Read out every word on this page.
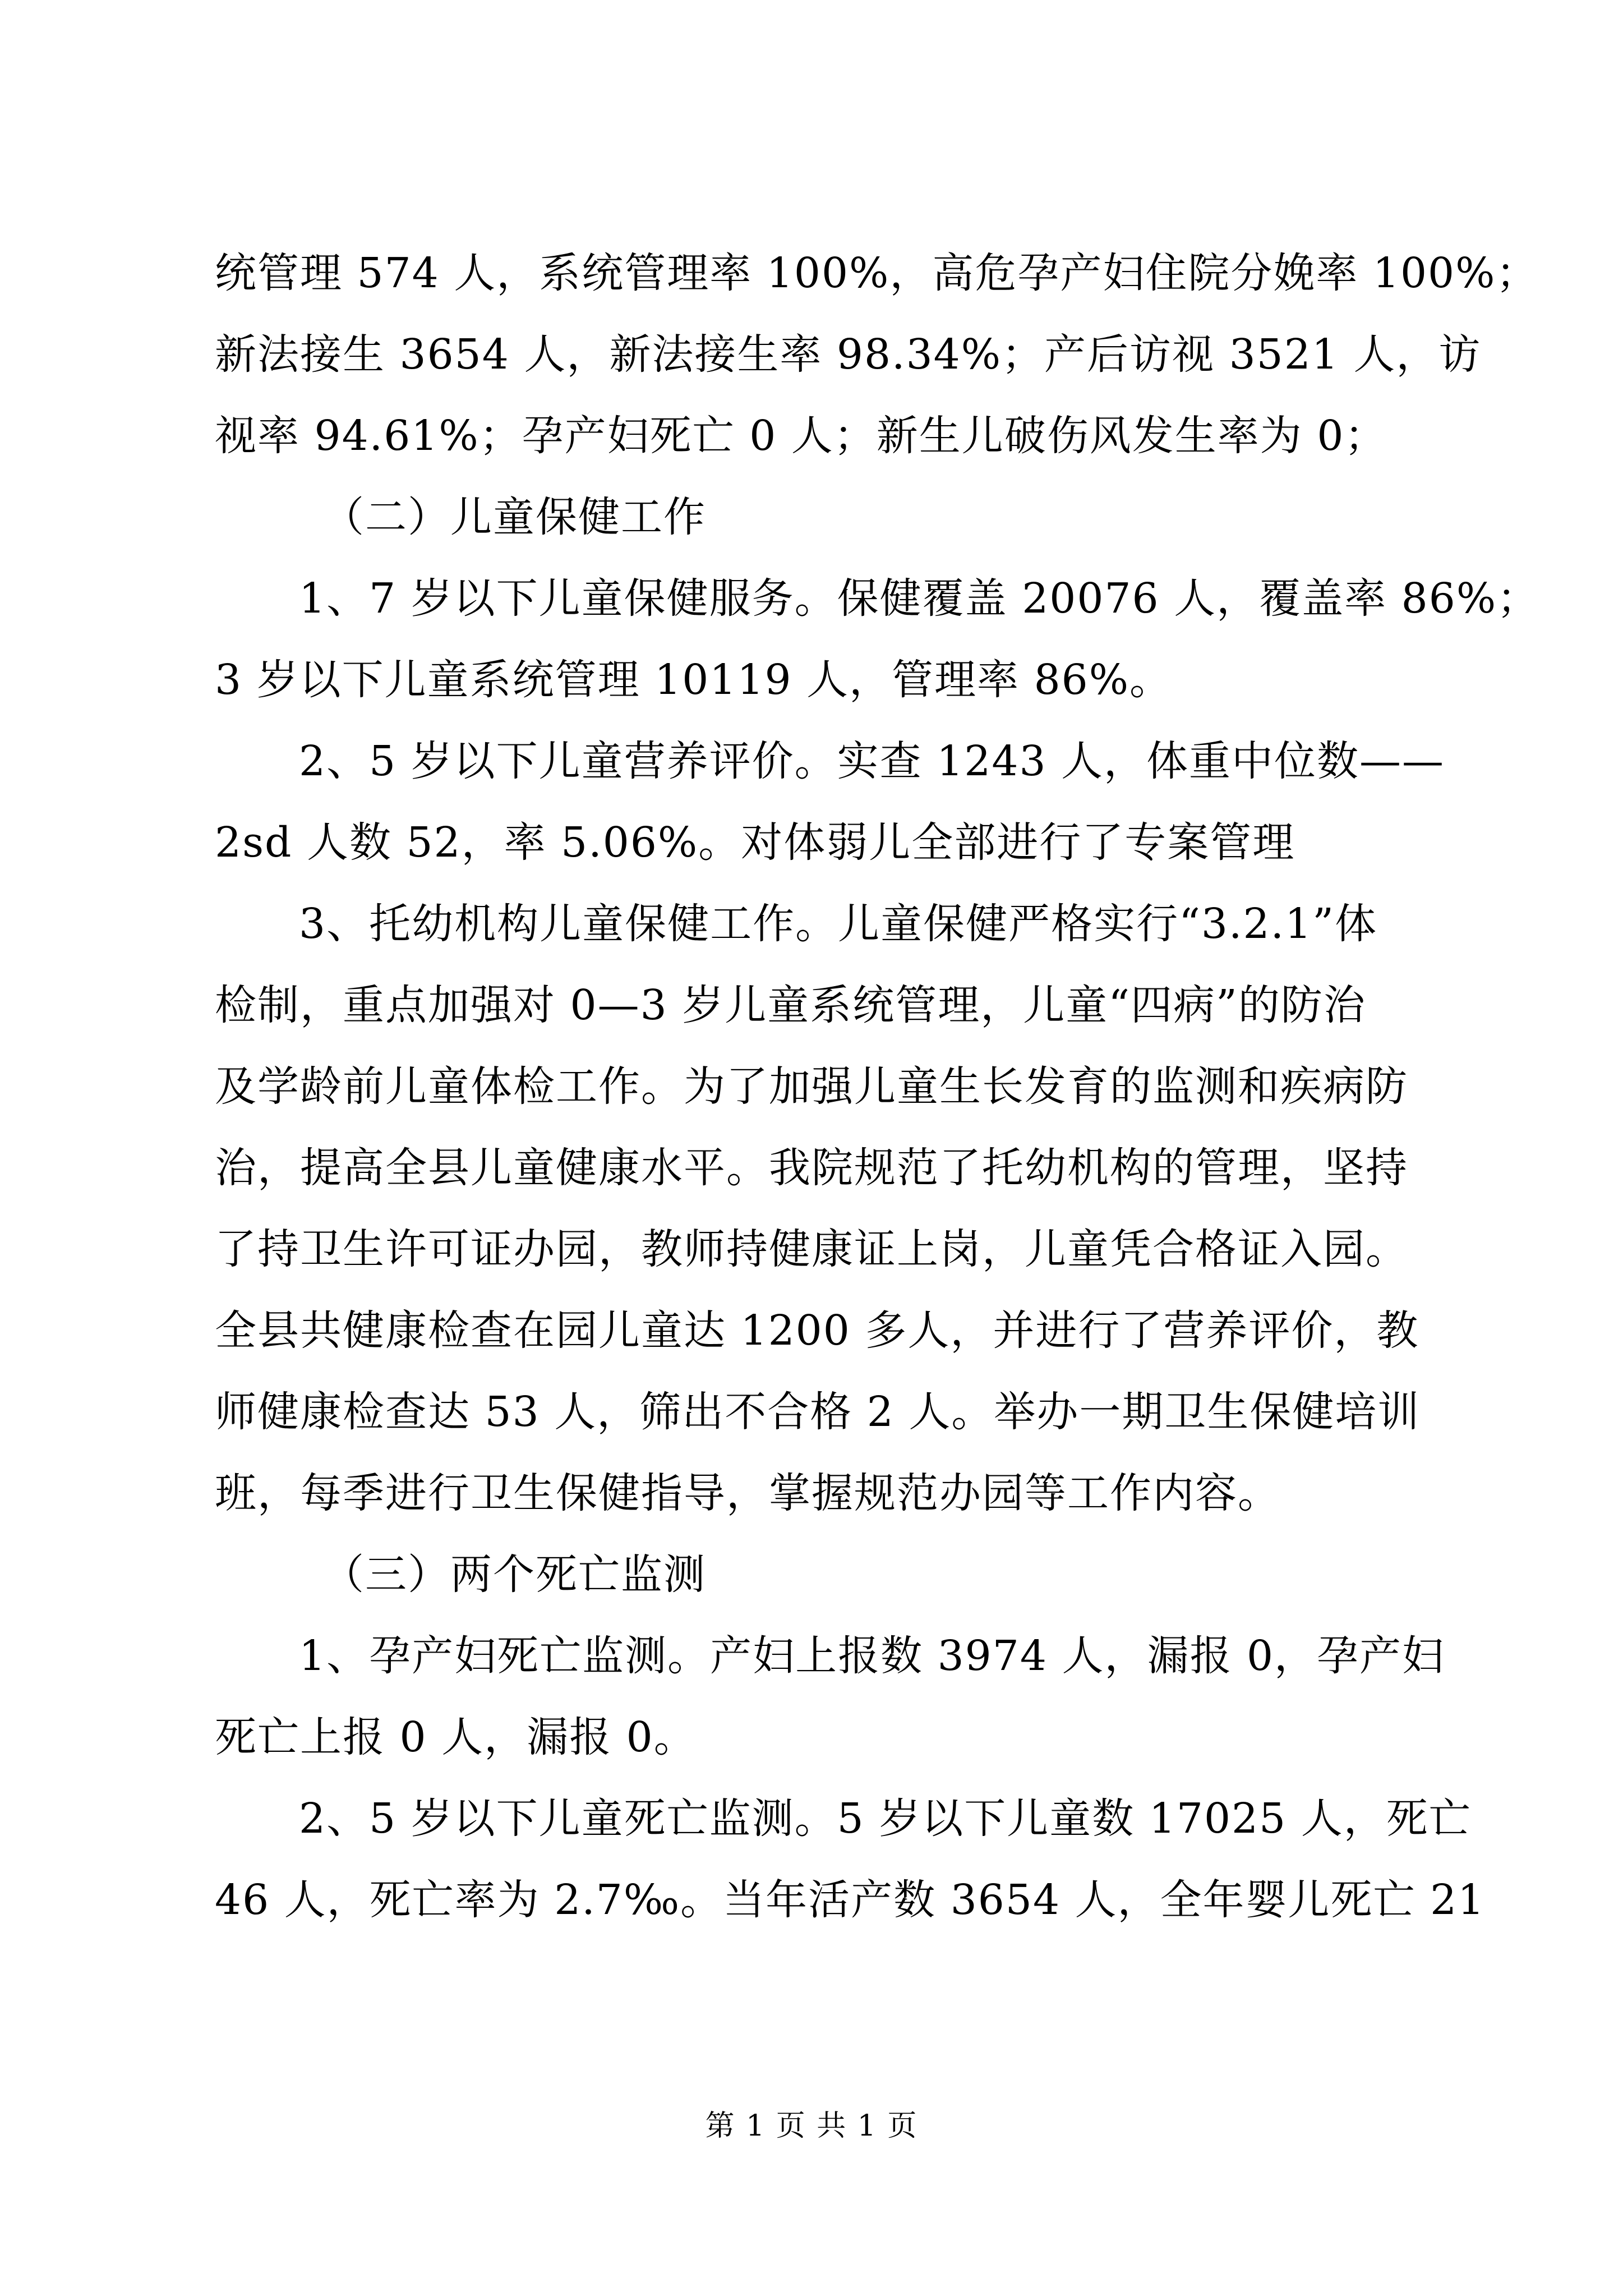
统管理 574 人，系统管理率 100%，高危孕产妇住院分娩率 100%；
新法接生 3654 人，新法接生率 98.34%；产后访视 3521 人，访
视率 94.61%；孕产妇死亡 0 人；新生儿破伤风发生率为 0；

（二）儿童保健工作

1、7 岁以下儿童保健服务。保健覆盖 20076 人，覆盖率 86%；
3 岁以下儿童系统管理 10119 人，管理率 86%。

2、5 岁以下儿童营养评价。实查 1243 人，体重中位数——
2sd 人数 52，率 5.06%。对体弱儿全部进行了专案管理

3、托幼机构儿童保健工作。儿童保健严格实行“3.2.1”体
检制，重点加强对 0—3 岁儿童系统管理，儿童“四病”的防治
及学龄前儿童体检工作。为了加强儿童生长发育的监测和疾病防
治，提高全县儿童健康水平。我院规范了托幼机构的管理，坚持
了持卫生许可证办园，教师持健康证上岗，儿童凭合格证入园。
全县共健康检查在园儿童达 1200 多人，并进行了营养评价，教
师健康检查达 53 人，筛出不合格 2 人。举办一期卫生保健培训
班，每季进行卫生保健指导，掌握规范办园等工作内容。

（三）两个死亡监测

1、孕产妇死亡监测。产妇上报数 3974 人，漏报 0，孕产妇
死亡上报 0 人，漏报 0。

2、5 岁以下儿童死亡监测。5 岁以下儿童数 17025 人，死亡
46 人，死亡率为 2.7‰。当年活产数 3654 人，全年婴儿死亡 21

第 1 页 共 1 页
